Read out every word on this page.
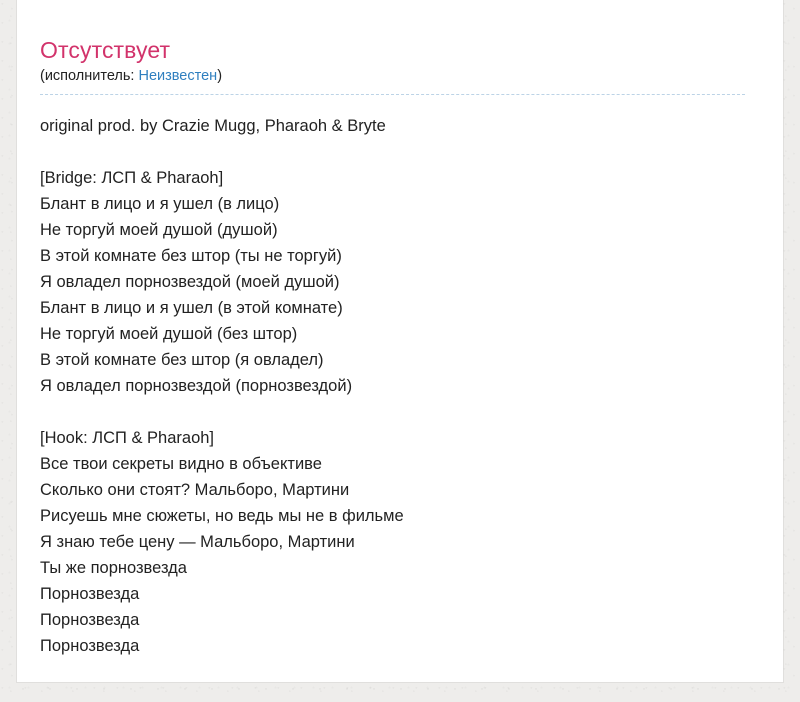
Отсутствует
(исполнитель: Неизвестен)
original prod. by Crazie Mugg, Pharaoh & Bryte
[Bridge: ЛСП & Pharaoh]
Блант в лицо и я ушел (в лицо)
Не торгуй моей душой (душой)
В этой комнате без штор (ты не торгуй)
Я овладел порнозвездой (моей душой)
Блант в лицо и я ушел (в этой комнате)
Не торгуй моей душой (без штор)
В этой комнате без штор (я овладел)
Я овладел порнозвездой (порнозвездой)
[Hook: ЛСП & Pharaoh]
Все твои секреты видно в объективе
Сколько они стоят? Мальборо, Мартини
Рисуешь мне сюжеты, но ведь мы не в фильме
Я знаю тебе цену — Мальборо, Мартини
Ты же порнозвезда
Порнозвезда
Порнозвезда
Порнозвезда
